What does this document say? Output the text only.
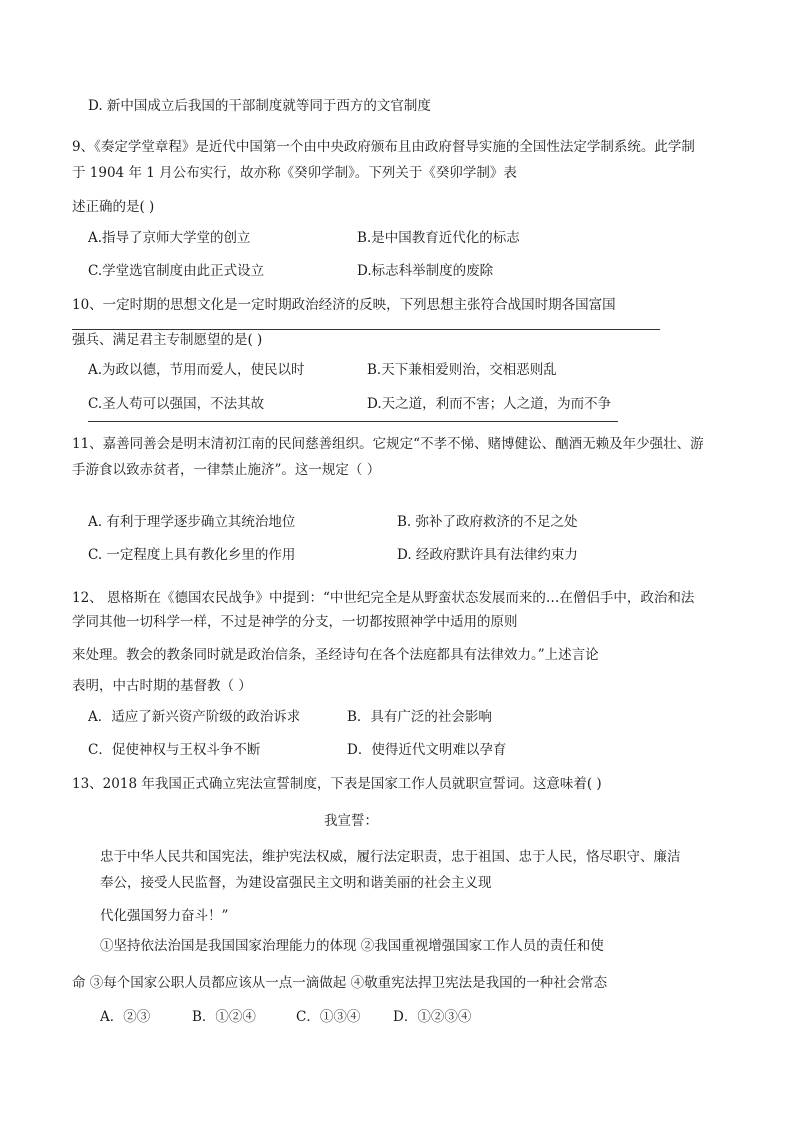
D. 新中国成立后我国的干部制度就等同于西方的文官制度
9、《奏定学堂章程》是近代中国第一个由中央政府颁布且由政府督导实施的全国性法定学制系统。此学制
于 1904 年 1 月公布实行，故亦称《癸卯学制》。下列关于《癸卯学制》表
述正确的是( )
A.指导了京师大学堂的创立	B.是中国教育近代化的标志
C.学堂选官制度由此正式设立	D.标志科举制度的废除
10、一定时期的思想文化是一定时期政治经济的反映，下列思想主张符合战国时期各国富国
强兵、满足君主专制愿望的是( )
A.为政以德，节用而爱人，使民以时	B.天下兼相爱则治，交相恶则乱
C.圣人苟可以强国，不法其故	D.天之道，利而不害；人之道，为而不争
11、嘉善同善会是明末清初江南的民间慈善组织。它规定“不孝不悌、赌博健讼、酗酒无赖及年少强壮、游
手游食以致赤贫者，一律禁止施济”。这一规定（ ）
A. 有利于理学逐步确立其统治地位	B. 弥补了政府救济的不足之处
C. 一定程度上具有教化乡里的作用	D. 经政府默许具有法律约束力
12、 恩格斯在《德国农民战争》中提到：“中世纪完全是从野蛮状态发展而来的…在僧侣手中，政治和法
学同其他一切科学一样，不过是神学的分支，一切都按照神学中适用的原则
来处理。教会的教条同时就是政治信条，圣经诗句在各个法庭都具有法律效力。”上述言论
表明，中古时期的基督教（ ）
A．适应了新兴资产阶级的政治诉求	B．具有广泛的社会影响
C．促使神权与王权斗争不断	D．使得近代文明难以孕育
13、2018 年我国正式确立宪法宣誓制度，下表是国家工作人员就职宣誓词。这意味着( )
我宣誓：
忠于中华人民共和国宪法，维护宪法权威，履行法定职责，忠于祖国、忠于人民，恪尽职守、廉洁
奉公，接受人民监督，为建设富强民主文明和谐美丽的社会主义现
代化强国努力奋斗！”
①坚持依法治国是我国国家治理能力的体现 ②我国重视增强国家工作人员的责任和使
命 ③每个国家公职人员都应该从一点一滴做起 ④敬重宪法捍卫宪法是我国的一种社会常态
A．②③	B．①②④	C．①③④ D．①②③④
